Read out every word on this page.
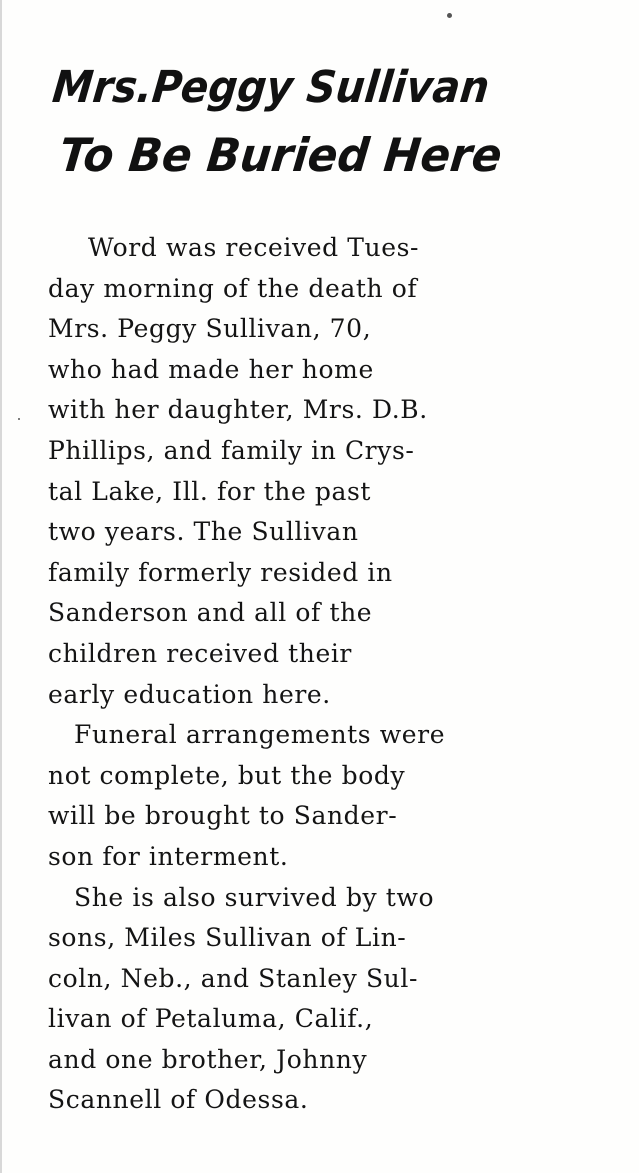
Mrs.Peggy Sullivan
To Be Buried Here
Word was received Tues-
day morning of the death of
Mrs. Peggy Sullivan, 70,
who had made her home
with her daughter, Mrs. D.B.
Phillips, and family in Crys-
tal Lake, Ill. for the past
two years. The Sullivan
family formerly resided in
Sanderson and all of the
children received their
early education here.
Funeral arrangements were
not complete, but the body
will be brought to Sander-
son for interment.
She is also survived by two
sons, Miles Sullivan of Lin-
coln, Neb., and Stanley Sul-
livan of Petaluma, Calif.,
and one brother, Johnny
Scannell of Odessa.
